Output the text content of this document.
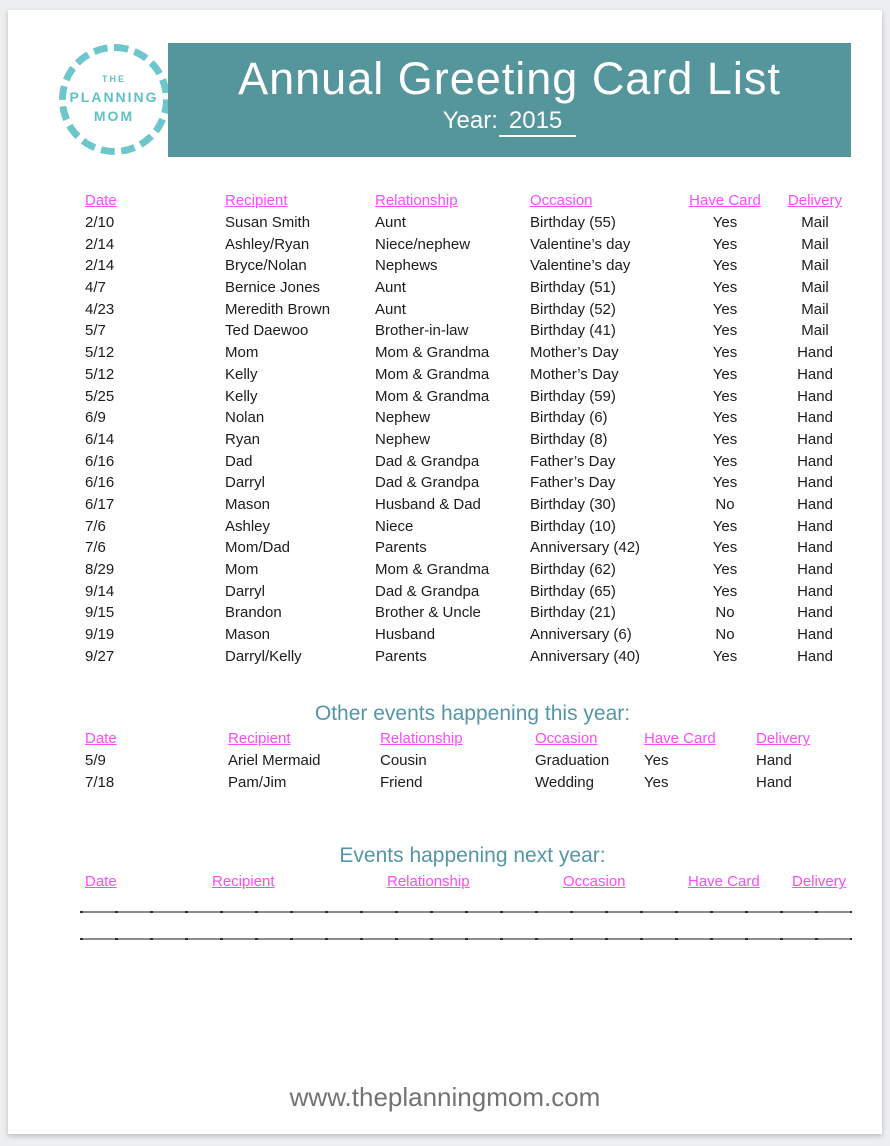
THE
PLANNING
MOM
Annual Greeting Card List
Year: 2015
Date	Recipient	Relationship	Occasion	Have Card	Delivery
2/10	Susan Smith	Aunt	Birthday (55)	Yes	Mail
2/14	Ashley/Ryan	Niece/nephew	Valentine’s day	Yes	Mail
2/14	Bryce/Nolan	Nephews	Valentine’s day	Yes	Mail
4/7	Bernice Jones	Aunt	Birthday (51)	Yes	Mail
4/23	Meredith Brown	Aunt	Birthday (52)	Yes	Mail
5/7	Ted Daewoo	Brother-in-law	Birthday (41)	Yes	Mail
5/12	Mom	Mom & Grandma	Mother’s Day	Yes	Hand
5/12	Kelly	Mom & Grandma	Mother’s Day	Yes	Hand
5/25	Kelly	Mom & Grandma	Birthday (59)	Yes	Hand
6/9	Nolan	Nephew	Birthday (6)	Yes	Hand
6/14	Ryan	Nephew	Birthday (8)	Yes	Hand
6/16	Dad	Dad & Grandpa	Father’s Day	Yes	Hand
6/16	Darryl	Dad & Grandpa	Father’s Day	Yes	Hand
6/17	Mason	Husband & Dad	Birthday (30)	No	Hand
7/6	Ashley	Niece	Birthday (10)	Yes	Hand
7/6	Mom/Dad	Parents	Anniversary (42)	Yes	Hand
8/29	Mom	Mom & Grandma	Birthday (62)	Yes	Hand
9/14	Darryl	Dad & Grandpa	Birthday (65)	Yes	Hand
9/15	Brandon	Brother & Uncle	Birthday (21)	No	Hand
9/19	Mason	Husband	Anniversary (6)	No	Hand
9/27	Darryl/Kelly	Parents	Anniversary (40)	Yes	Hand
Other events happening this year:
Date	Recipient	Relationship	Occasion	Have Card	Delivery
5/9	Ariel Mermaid	Cousin	Graduation	Yes	Hand
7/18	Pam/Jim	Friend	Wedding	Yes	Hand
Events happening next year:
Date	Recipient	Relationship	Occasion	Have Card	Delivery
www.theplanningmom.com
